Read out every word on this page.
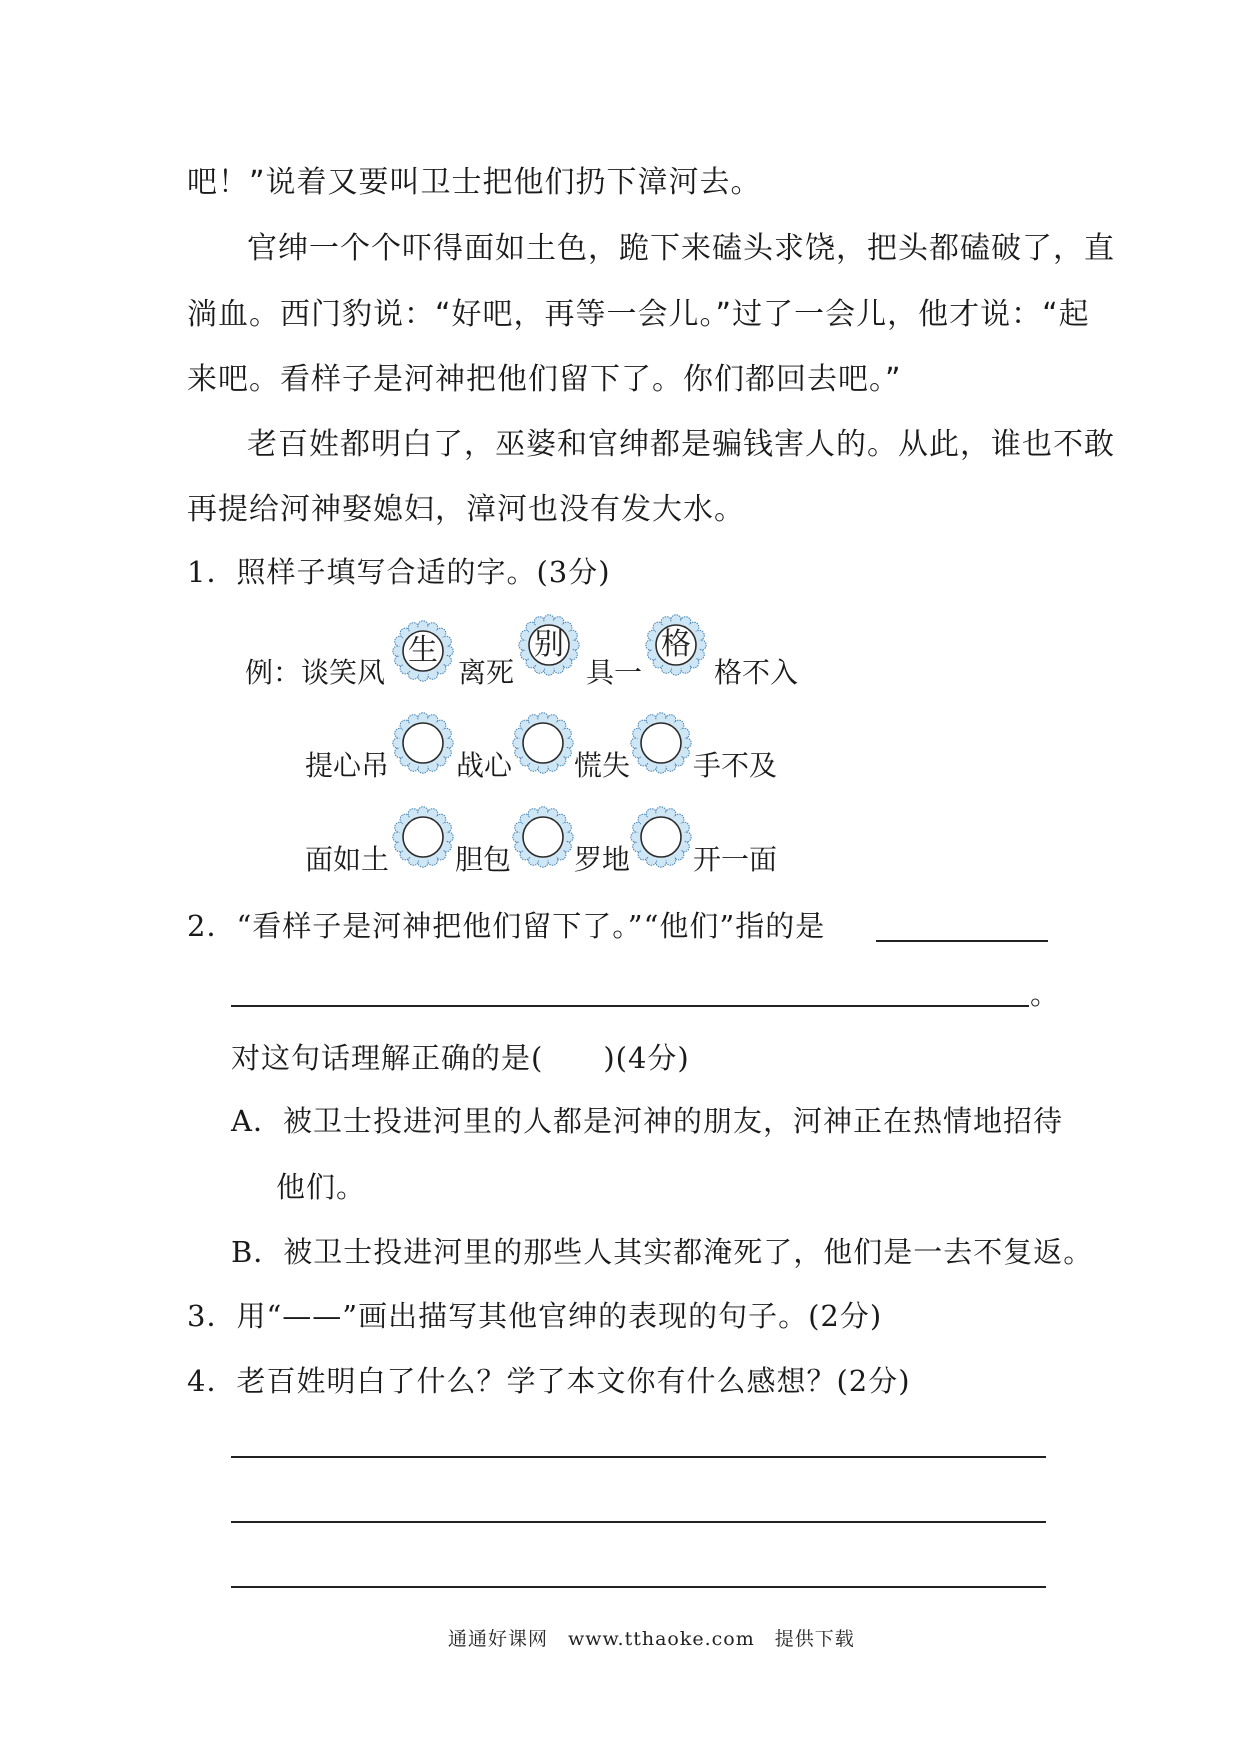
吧！”说着又要叫卫士把他们扔下漳河去。
官绅一个个吓得面如土色，跪下来磕头求饶，把头都磕破了，直
淌血。西门豹说：“好吧，再等一会儿。”过了一会儿，他才说：“起
来吧。看样子是河神把他们留下了。你们都回去吧。”
老百姓都明白了，巫婆和官绅都是骗钱害人的。从此，谁也不敢
再提给河神娶媳妇，漳河也没有发大水。
1．照样子填写合适的字。(3分)
例：谈笑风
生
离死
别
具一
格
格不入
提心吊 战心 慌失 手不及
面如土 胆包 罗地 开一面
2．“看样子是河神把他们留下了。”“他们”指的是
。
对这句话理解正确的是(　　)(4分)
A．被卫士投进河里的人都是河神的朋友，河神正在热情地招待
他们。
B．被卫士投进河里的那些人其实都淹死了，他们是一去不复返。
3．用“——”画出描写其他官绅的表现的句子。(2分)
4．老百姓明白了什么？学了本文你有什么感想？(2分)
通通好课网　www.tthaoke.com　提供下载
